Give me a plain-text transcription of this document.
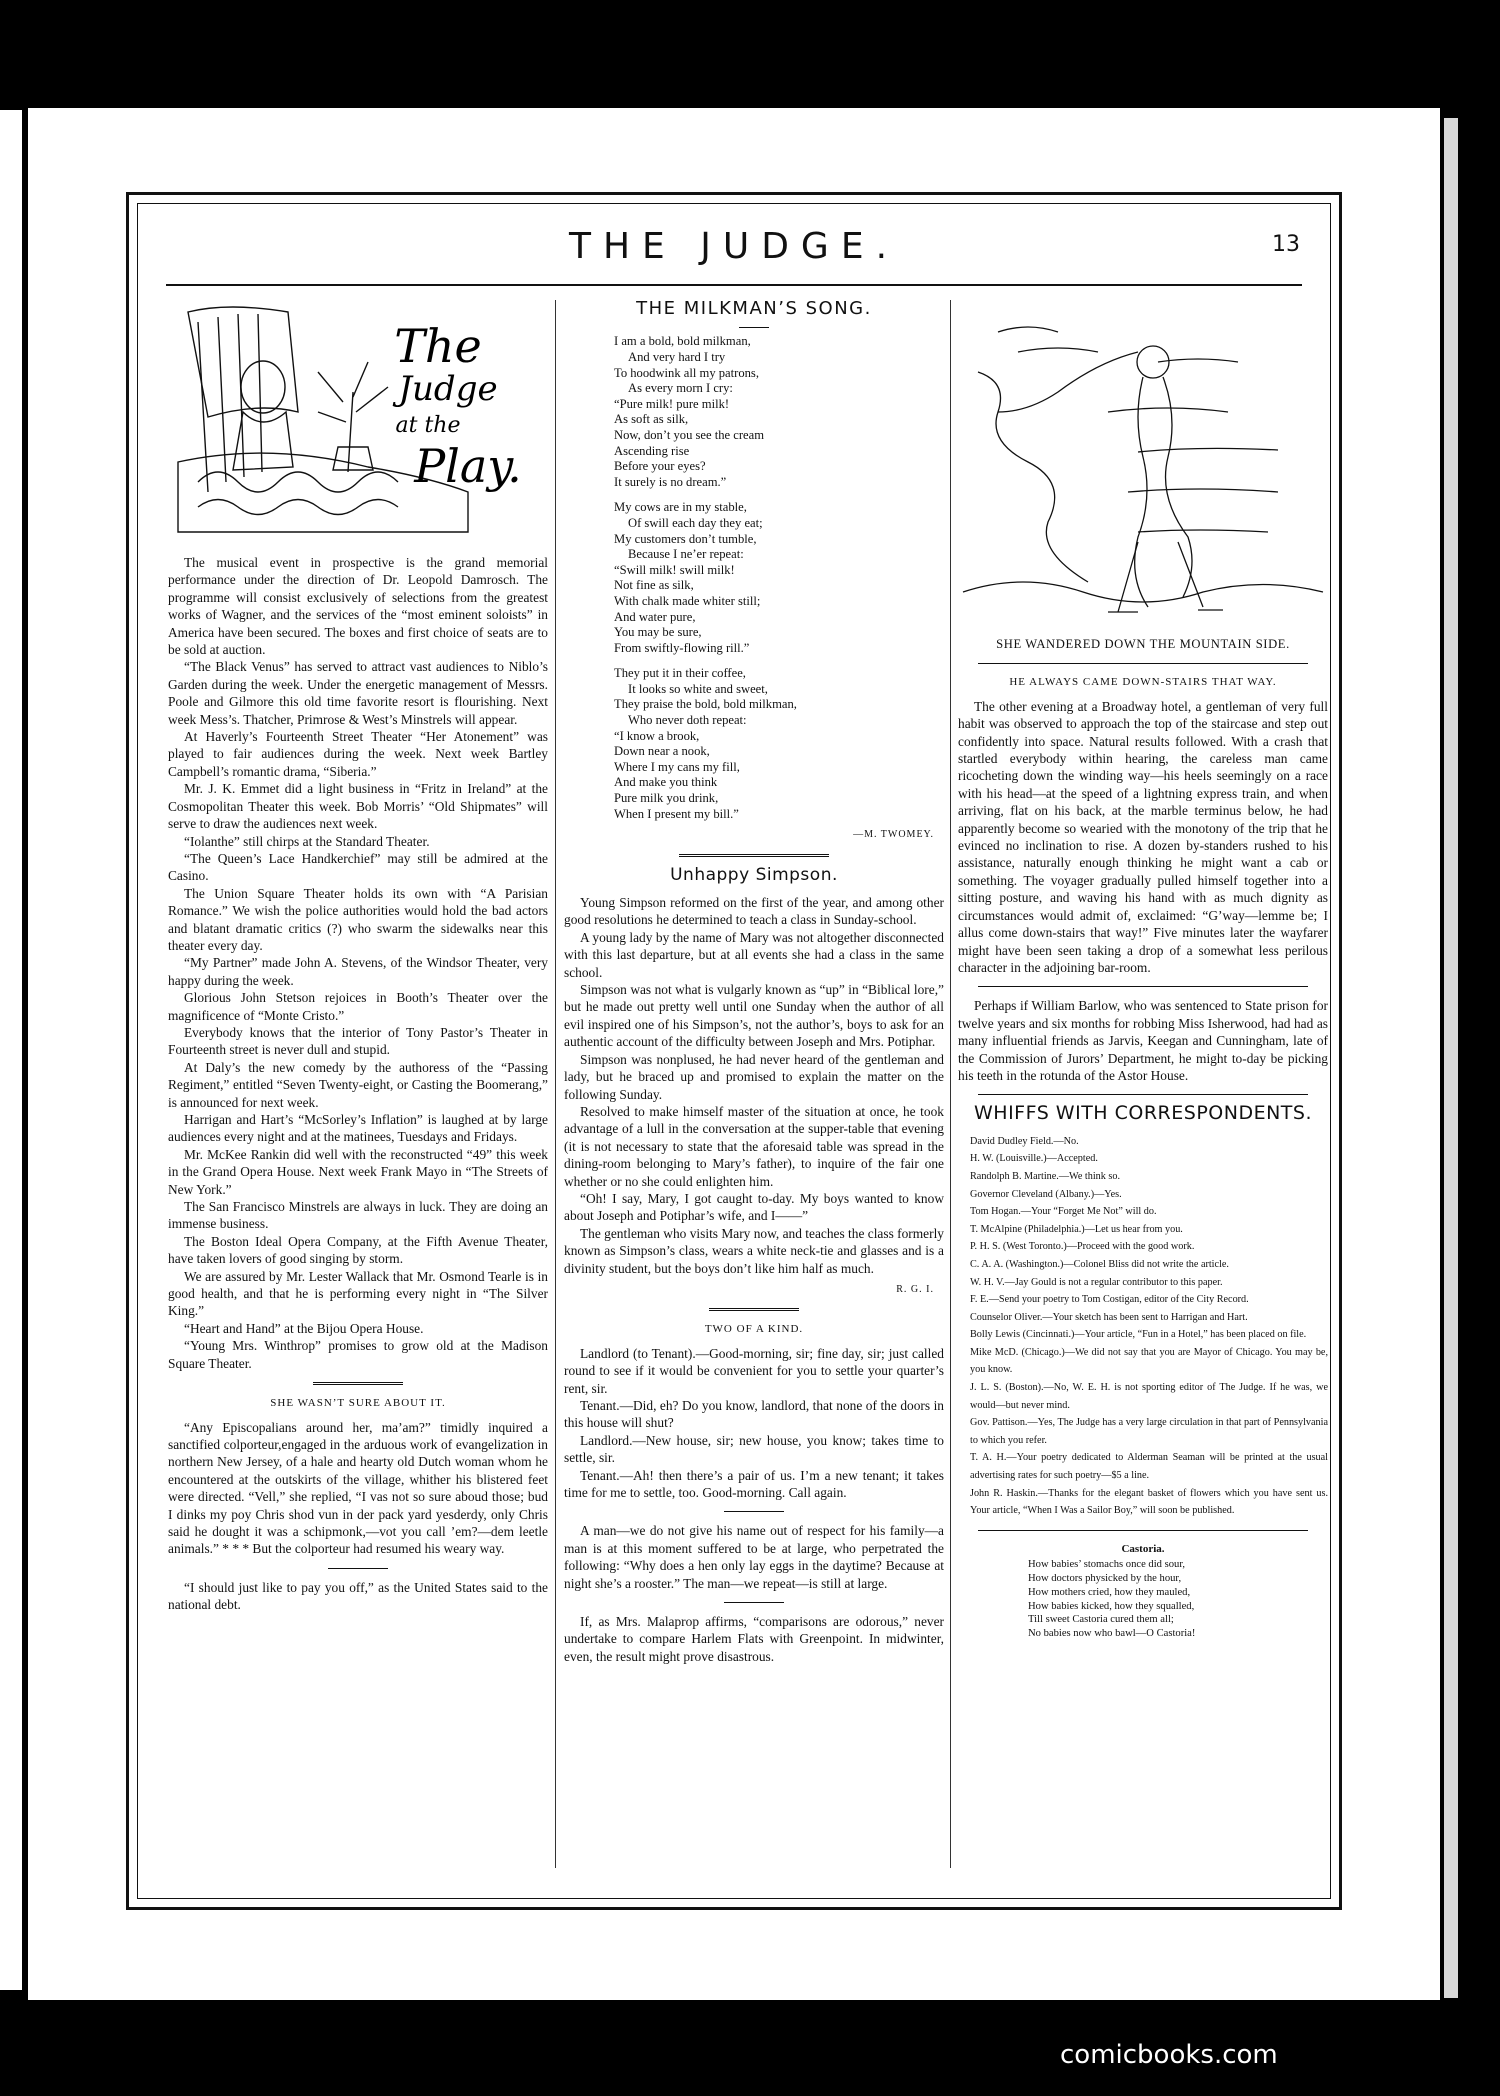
THE JUDGE.	13
The
Judge
at the
Play.

The musical event in prospective is the grand memorial performance under the direction of Dr. Leopold Damrosch. The programme will consist exclusively of selections from the greatest works of Wagner, and the services of the “most eminent soloists” in America have been secured. The boxes and first choice of seats are to be sold at auction.

“The Black Venus” has served to attract vast audiences to Niblo’s Garden during the week. Under the energetic management of Messrs. Poole and Gilmore this old time favorite resort is flourishing. Next week Mess’s. Thatcher, Primrose & West’s Minstrels will appear.

At Haverly’s Fourteenth Street Theater “Her Atonement” was played to fair audiences during the week. Next week Bartley Campbell’s romantic drama, “Siberia.”

Mr. J. K. Emmet did a light business in “Fritz in Ireland” at the Cosmopolitan Theater this week. Bob Morris’ “Old Shipmates” will serve to draw the audiences next week.

“Iolanthe” still chirps at the Standard Theater.

“The Queen’s Lace Handkerchief” may still be admired at the Casino.

The Union Square Theater holds its own with “A Parisian Romance.” We wish the police authorities would hold the bad actors and blatant dramatic critics (?) who swarm the sidewalks near this theater every day.

“My Partner” made John A. Stevens, of the Windsor Theater, very happy during the week.

Glorious John Stetson rejoices in Booth’s Theater over the magnificence of “Monte Cristo.”

Everybody knows that the interior of Tony Pastor’s Theater in Fourteenth street is never dull and stupid.

At Daly’s the new comedy by the authoress of the “Passing Regiment,” entitled “Seven Twenty-eight, or Casting the Boomerang,” is announced for next week.

Harrigan and Hart’s “McSorley’s Inflation” is laughed at by large audiences every night and at the matinees, Tuesdays and Fridays.

Mr. McKee Rankin did well with the reconstructed “49” this week in the Grand Opera House. Next week Frank Mayo in “The Streets of New York.”

The San Francisco Minstrels are always in luck. They are doing an immense business.

The Boston Ideal Opera Company, at the Fifth Avenue Theater, have taken lovers of good singing by storm.

We are assured by Mr. Lester Wallack that Mr. Osmond Tearle is in good health, and that he is performing every night in “The Silver King.”

“Heart and Hand” at the Bijou Opera House.

“Young Mrs. Winthrop” promises to grow old at the Madison Square Theater.

SHE WASN’T SURE ABOUT IT.

“Any Episcopalians around her, ma’am?” timidly inquired a sanctified colporteur,engaged in the arduous work of evangelization in northern New Jersey, of a hale and hearty old Dutch woman whom he encountered at the outskirts of the village, whither his blistered feet were directed. “Vell,” she replied, “I vas not so sure aboud those; bud I dinks my poy Chris shod vun in der pack yard yesderdy, only Chris said he dought it was a schipmonk,—vot you call ’em?—dem leetle animals.” * * * But the colporteur had resumed his weary way.

“I should just like to pay you off,” as the United States said to the national debt.

THE MILKMAN’S SONG.
I am a bold, bold milkman,
And very hard I try
To hoodwink all my patrons,
As every morn I cry:
“Pure milk! pure milk!
As soft as silk,
Now, don’t you see the cream
Ascending rise
Before your eyes?
It surely is no dream.”
My cows are in my stable,
Of swill each day they eat;
My customers don’t tumble,
Because I ne’er repeat:
“Swill milk! swill milk!
Not fine as silk,
With chalk made whiter still;
And water pure,
You may be sure,
From swiftly-flowing rill.”
They put it in their coffee,
It looks so white and sweet,
They praise the bold, bold milkman,
Who never doth repeat:
“I know a brook,
Down near a nook,
Where I my cans my fill,
And make you think
Pure milk you drink,
When I present my bill.”
—M. TWOMEY.
Unhappy Simpson.

Young Simpson reformed on the first of the year, and among other good resolutions he determined to teach a class in Sunday-school.

A young lady by the name of Mary was not altogether disconnected with this last departure, but at all events she had a class in the same school.

Simpson was not what is vulgarly known as “up” in “Biblical lore,” but he made out pretty well until one Sunday when the author of all evil inspired one of his Simpson’s, not the author’s, boys to ask for an authentic account of the difficulty between Joseph and Mrs. Potiphar.

Simpson was nonplused, he had never heard of the gentleman and lady, but he braced up and promised to explain the matter on the following Sunday.

Resolved to make himself master of the situation at once, he took advantage of a lull in the conversation at the supper-table that evening (it is not necessary to state that the aforesaid table was spread in the dining-room belonging to Mary’s father), to inquire of the fair one whether or no she could enlighten him.

“Oh! I say, Mary, I got caught to-day. My boys wanted to know about Joseph and Potiphar’s wife, and I——”

The gentleman who visits Mary now, and teaches the class formerly known as Simpson’s class, wears a white neck-tie and glasses and is a divinity student, but the boys don’t like him half as much.

R. G. I.
TWO OF A KIND.

Landlord (to Tenant).—Good-morning, sir; fine day, sir; just called round to see if it would be convenient for you to settle your quarter’s rent, sir.

Tenant.—Did, eh? Do you know, landlord, that none of the doors in this house will shut?

Landlord.—New house, sir; new house, you know; takes time to settle, sir.

Tenant.—Ah! then there’s a pair of us. I’m a new tenant; it takes time for me to settle, too. Good-morning. Call again.

A man—we do not give his name out of respect for his family—a man is at this moment suffered to be at large, who perpetrated the following: “Why does a hen only lay eggs in the daytime? Because at night she’s a rooster.” The man—we repeat—is still at large.

If, as Mrs. Malaprop affirms, “comparisons are odorous,” never undertake to compare Harlem Flats with Greenpoint. In midwinter, even, the result might prove disastrous.

SHE WANDERED DOWN THE MOUNTAIN SIDE.
HE ALWAYS CAME DOWN-STAIRS THAT WAY.

The other evening at a Broadway hotel, a gentleman of very full habit was observed to approach the top of the staircase and step out confidently into space. Natural results followed. With a crash that startled everybody within hearing, the careless man came ricocheting down the winding way—his heels seemingly on a race with his head—at the speed of a lightning express train, and when arriving, flat on his back, at the marble terminus below, he had apparently become so wearied with the monotony of the trip that he evinced no inclination to rise. A dozen by-standers rushed to his assistance, naturally enough thinking he might want a cab or something. The voyager gradually pulled himself together into a sitting posture, and waving his hand with as much dignity as circumstances would admit of, exclaimed: “G’way—lemme be; I allus come down-stairs that way!” Five minutes later the wayfarer might have been seen taking a drop of a somewhat less perilous character in the adjoining bar-room.

Perhaps if William Barlow, who was sentenced to State prison for twelve years and six months for robbing Miss Isherwood, had had as many influential friends as Jarvis, Keegan and Cunningham, late of the Commission of Jurors’ Department, he might to-day be picking his teeth in the rotunda of the Astor House.

WHIFFS WITH CORRESPONDENTS.

David Dudley Field.—No.

H. W. (Louisville.)—Accepted.

Randolph B. Martine.—We think so.

Governor Cleveland (Albany.)—Yes.

Tom Hogan.—Your “Forget Me Not” will do.

T. McAlpine (Philadelphia.)—Let us hear from you.

P. H. S. (West Toronto.)—Proceed with the good work.

C. A. A. (Washington.)—Colonel Bliss did not write the article.

W. H. V.—Jay Gould is not a regular contributor to this paper.

F. E.—Send your poetry to Tom Costigan, editor of the City Record.

Counselor Oliver.—Your sketch has been sent to Harrigan and Hart.

Bolly Lewis (Cincinnati.)—Your article, “Fun in a Hotel,” has been placed on file.

Mike McD. (Chicago.)—We did not say that you are Mayor of Chicago. You may be, you know.

J. L. S. (Boston).—No, W. E. H. is not sporting editor of The Judge. If he was, we would—but never mind.

Gov. Pattison.—Yes, The Judge has a very large circulation in that part of Pennsylvania to which you refer.

T. A. H.—Your poetry dedicated to Alderman Seaman will be printed at the usual advertising rates for such poetry—$5 a line.

John R. Haskin.—Thanks for the elegant basket of flowers which you have sent us. Your article, “When I Was a Sailor Boy,” will soon be published.

Castoria.
How babies’ stomachs once did sour,
How doctors physicked by the hour,
How mothers cried, how they mauled,
How babies kicked, how they squalled,
Till sweet Castoria cured them all;
No babies now who bawl—O Castoria!
comicbooks.com
